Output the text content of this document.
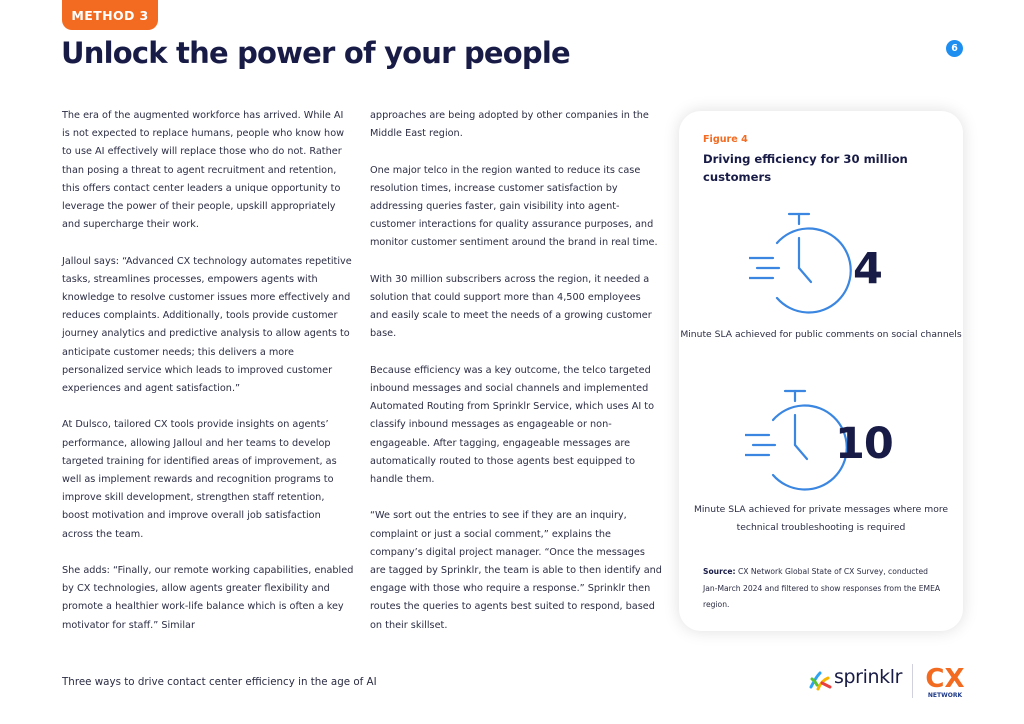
METHOD 3
Unlock the power of your people	6

The era of the augmented workforce has arrived. While AI is not expected to replace humans, people who know how to use AI effectively will replace those who do not. Rather than posing a threat to agent recruitment and retention, this offers contact center leaders a unique opportunity to leverage the power of their people, upskill appropriately and supercharge their work.

Jalloul says: “Advanced CX technology automates repetitive tasks, streamlines processes, empowers agents with knowledge to resolve customer issues more effectively and reduces complaints. Additionally, tools provide customer journey analytics and predictive analysis to allow agents to anticipate customer needs; this delivers a more personalized service which leads to improved customer experiences and agent satisfaction.”

At Dulsco, tailored CX tools provide insights on agents’ performance, allowing Jalloul and her teams to develop targeted training for identified areas of improvement, as well as implement rewards and recognition programs to improve skill development, strengthen staff retention, boost motivation and improve overall job satisfaction across the team.

She adds: “Finally, our remote working capabilities, enabled by CX technologies, allow agents greater flexibility and promote a healthier work-life balance which is often a key motivator for staff.” Similar

approaches are being adopted by other companies in the Middle East region.

One major telco in the region wanted to reduce its case resolution times, increase customer satisfaction by addressing queries faster, gain visibility into agent-customer interactions for quality assurance purposes, and monitor customer sentiment around the brand in real time.

With 30 million subscribers across the region, it needed a solution that could support more than 4,500 employees and easily scale to meet the needs of a growing customer base.

Because efficiency was a key outcome, the telco targeted inbound messages and social channels and implemented Automated Routing from Sprinklr Service, which uses AI to classify inbound messages as engageable or non-engageable. After tagging, engageable messages are automatically routed to those agents best equipped to handle them.

“We sort out the entries to see if they are an inquiry, complaint or just a social comment,” explains the company’s digital project manager. “Once the messages are tagged by Sprinklr, the team is able to then identify and engage with those who require a response.” Sprinklr then routes the queries to agents best suited to respond, based on their skillset.

Figure 4
Driving efficiency for 30 million customers
4
Minute SLA achieved for public comments on social channels
10
Minute SLA achieved for private messages where more technical troubleshooting is required
Source: CX Network Global State of CX Survey, conducted Jan-March 2024 and filtered to show responses from the EMEA region.
Three ways to drive contact center efficiency in the age of AI	sprinklr CX
NETWORK
